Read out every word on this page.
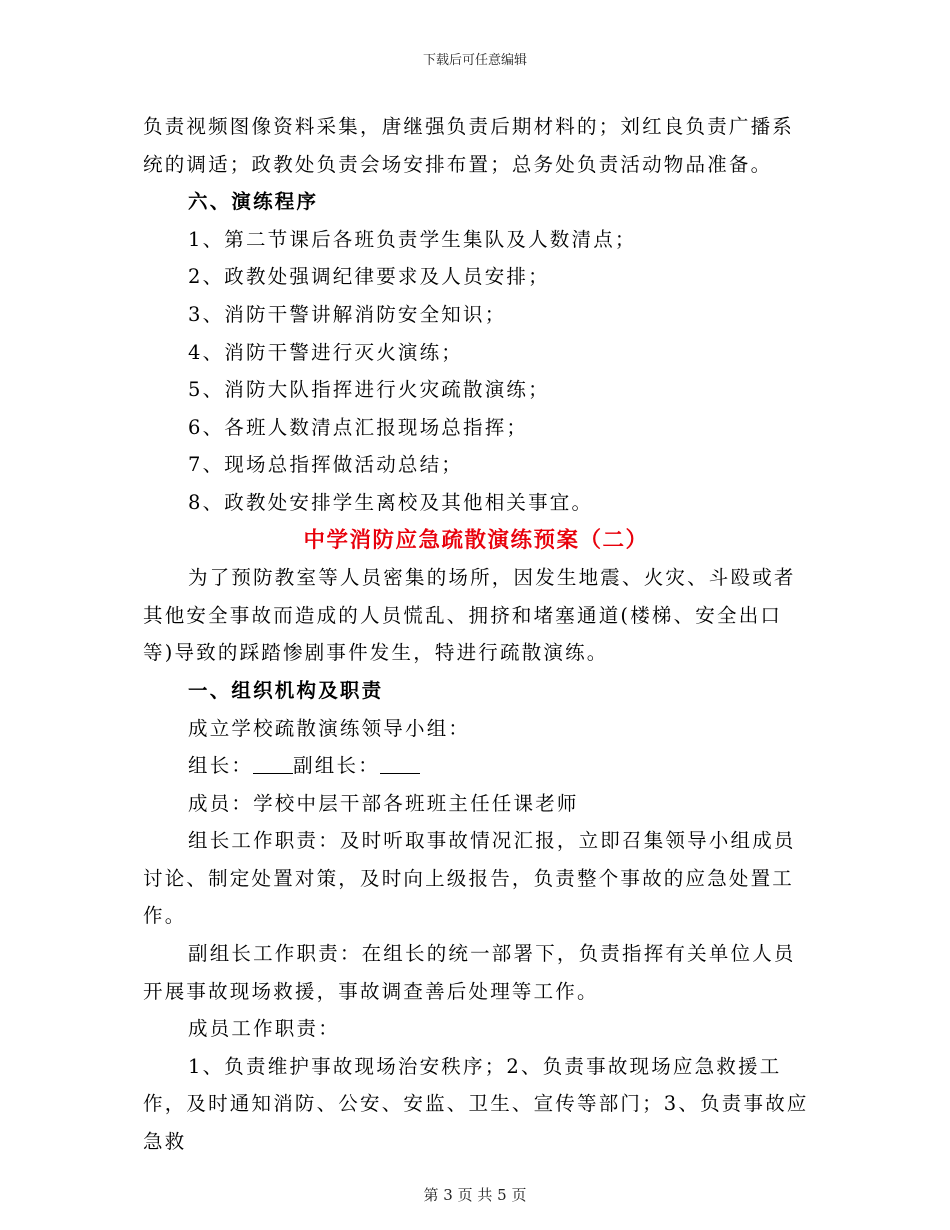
下载后可任意编辑

负责视频图像资料采集，唐继强负责后期材料的；刘红良负责广播系

统的调适；政教处负责会场安排布置；总务处负责活动物品准备。

六、演练程序

1、第二节课后各班负责学生集队及人数清点；

2、政教处强调纪律要求及人员安排；

3、消防干警讲解消防安全知识；

4、消防干警进行灭火演练；

5、消防大队指挥进行火灾疏散演练；

6、各班人数清点汇报现场总指挥；

7、现场总指挥做活动总结；

8、政教处安排学生离校及其他相关事宜。

中学消防应急疏散演练预案（二）

为了预防教室等人员密集的场所，因发生地震、火灾、斗殴或者其他安全事故而造成的人员慌乱、拥挤和堵塞通道(楼梯、安全出口等)导致的踩踏惨剧事件发生，特进行疏散演练。

一、组织机构及职责

成立学校疏散演练领导小组：

组长： 副组长：

成员：学校中层干部各班班主任任课老师

组长工作职责：及时听取事故情况汇报，立即召集领导小组成员讨论、制定处置对策，及时向上级报告，负责整个事故的应急处置工作。

副组长工作职责：在组长的统一部署下，负责指挥有关单位人员开展事故现场救援，事故调查善后处理等工作。

成员工作职责：

1、负责维护事故现场治安秩序；2、负责事故现场应急救援工作，及时通知消防、公安、安监、卫生、宣传等部门；3、负责事故应急救

第 3 页 共 5 页
